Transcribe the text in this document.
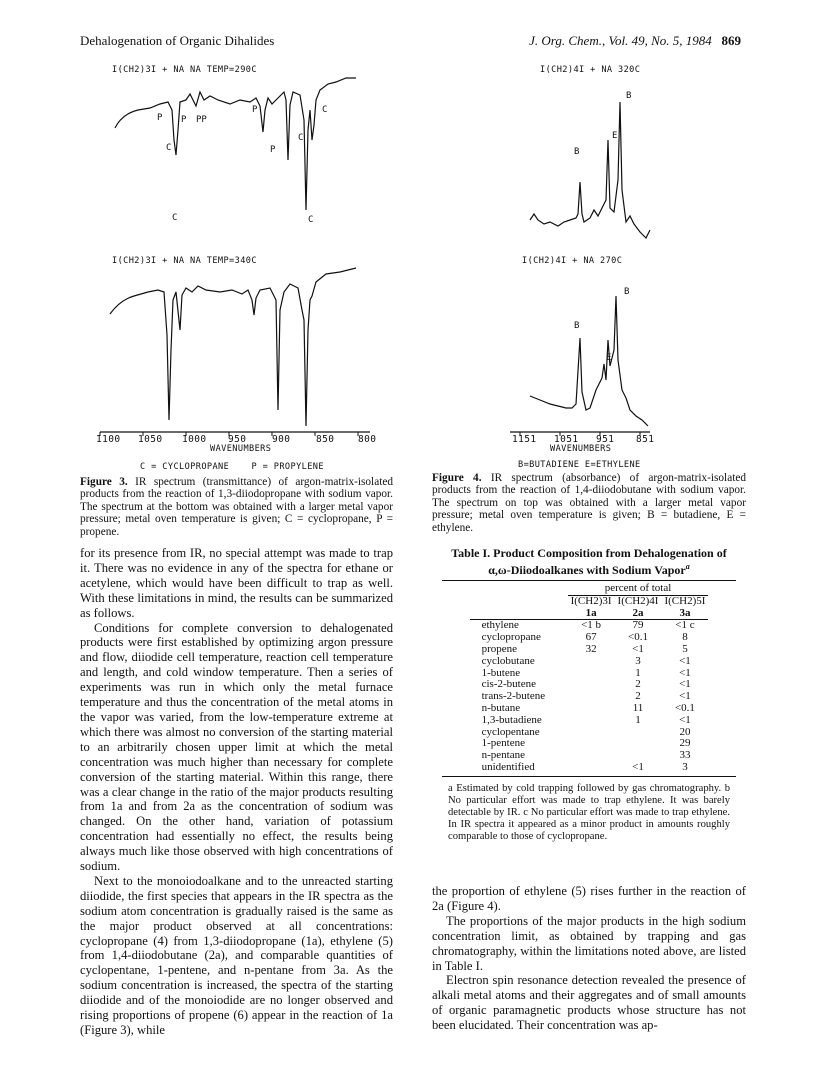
Dehalogenation of Organic Dihalides	J. Org. Chem., Vol. 49, No. 5, 1984 869
I(CH2)3I + NA NA TEMP=290C
P P PP
P	C
C	P
C
C	C
I(CH2)3I + NA NA TEMP=340C
1100 1050 1000 950	900	850 800
WAVENUMBERS
C = CYCLOPROPANE    P = PROPYLENE
Figure 3. IR spectrum (transmittance) of argon-matrix-isolated products from the reaction of 1,3-diiodopropane with sodium vapor. The spectrum at the bottom was obtained with a larger metal vapor pressure; metal oven temperature is given; C = cyclopropane, P = propene.
I(CH2)4I + NA 320C
B
B
E
I(CH2)4I + NA 270C
B
B
E
1151 1051 951 851
WAVENUMBERS
B=BUTADIENE E=ETHYLENE
Figure 4. IR spectrum (absorbance) of argon-matrix-isolated products from the reaction of 1,4-diiodobutane with sodium vapor. The spectrum on top was obtained with a larger metal vapor pressure; metal oven temperature is given; B = butadiene, E = ethylene.

for its presence from IR, no special attempt was made to trap it. There was no evidence in any of the spectra for ethane or acetylene, which would have been difficult to trap as well. With these limitations in mind, the results can be summarized as follows.

Conditions for complete conversion to dehalogenated products were first established by optimizing argon pressure and flow, diiodide cell temperature, reaction cell temperature and length, and cold window temperature. Then a series of experiments was run in which only the metal furnace temperature and thus the concentration of the metal atoms in the vapor was varied, from the low-temperature extreme at which there was almost no conversion of the starting material to an arbitrarily chosen upper limit at which the metal concentration was much higher than necessary for complete conversion of the starting material. Within this range, there was a clear change in the ratio of the major products resulting from 1a and from 2a as the concentration of sodium was changed. On the other hand, variation of potassium concentration had essentially no effect, the results being always much like those observed with high concentrations of sodium.

Next to the monoiodoalkane and to the unreacted starting diiodide, the first species that appears in the IR spectra as the sodium atom concentration is gradually raised is the same as the major product observed at all concentrations: cyclopropane (4) from 1,3-diiodopropane (1a), ethylene (5) from 1,4-diiodobutane (2a), and comparable quantities of cyclopentane, 1-pentene, and n-pentane from 3a. As the sodium concentration is increased, the spectra of the starting diiodide and of the monoiodide are no longer observed and rising proportions of propene (6) appear in the reaction of 1a (Figure 3), while

Table I. Product Composition from Dehalogenation of
α,ω-Diiodoalkanes with Sodium Vapor$^a$
	percent of total		
	I(CH2)3I	I(CH2)4I	I(CH2)5I
	1a	2a	3a
ethylene	<1 b	79	<1 c
cyclopropane	67	<0.1	8
propene	32	<1	5
cyclobutane		3	<1
1-butene		1	<1
cis-2-butene		2	<1
trans-2-butene		2	<1
n-butane		11	<0.1
1,3-butadiene		1	<1
cyclopentane			20
1-pentene			29
n-pentane			33
unidentified		<1	3
a Estimated by cold trapping followed by gas chromatography. b No particular effort was made to trap ethylene. It was barely detectable by IR. c No particular effort was made to trap ethylene. In IR spectra it appeared as a minor product in amounts roughly comparable to those of cyclopropane.

the proportion of ethylene (5) rises further in the reaction of 2a (Figure 4).

The proportions of the major products in the high sodium concentration limit, as obtained by trapping and gas chromatography, within the limitations noted above, are listed in Table I.

Electron spin resonance detection revealed the presence of alkali metal atoms and their aggregates and of small amounts of organic paramagnetic products whose structure has not been elucidated. Their concentration was ap-
